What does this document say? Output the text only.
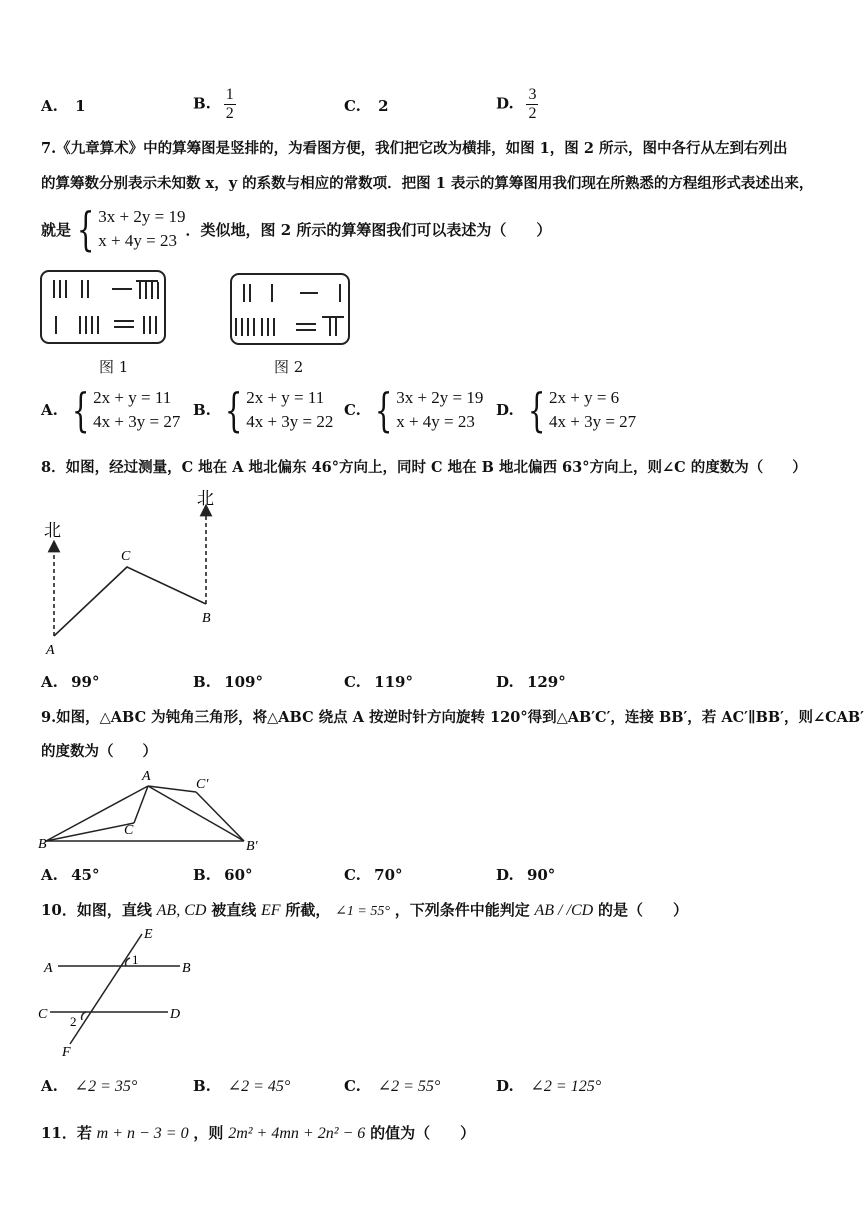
A. 1	B. $\frac{1}{2}$	C. 2	D. $\frac{3}{2}$
7.《九章算术》中的算筹图是竖排的，为看图方便，我们把它改为横排，如图 1，图 2 所示，图中各行从左到右列出
的算筹数分别表示未知数 x，y 的系数与相应的常数项．把图 1 表示的算筹图用我们现在所熟悉的方程组形式表述出来，
就是 { 3x + 2y = 19
x + 4y = 23
．类似地，图 2 所示的算筹图我们可以表述为（　　）
图 1	图 2
A. { 2x + y = 11
4x + 3y = 27
B. { 2x + y = 11
4x + 3y = 22
C. { 3x + 2y = 19
x + 4y = 23
D. { 2x + y = 6
4x + 3y = 27
8．如图，经过测量，C 地在 A 地北偏东 46°方向上，同时 C 地在 B 地北偏西 63°方向上，则∠C 的度数为（　　）
北
北
A
C
B
A. 99°	B. 109°	C. 119°	D. 129°
9.如图，△ABC 为钝角三角形，将△ABC 绕点 A 按逆时针方向旋转 120°得到△AB′C′，连接 BB′，若 AC′∥BB′，则∠CAB′
的度数为（　　）
A
B
C
C′
B′
A. 45°	B. 60°	C. 70°	D. 90°
10．如图，直线 AB, CD 被直线 EF 所截， ∠1 = 55° ，下列条件中能判定 AB / /CD 的是（　　）
E
A	B
1
C	D
2
F
A. ∠2 = 35°	B. ∠2 = 45°	C. ∠2 = 55°	D. ∠2 = 125°
11．若 m + n − 3 = 0 ，则 2m² + 4mn + 2n² − 6 的值为（　　）
